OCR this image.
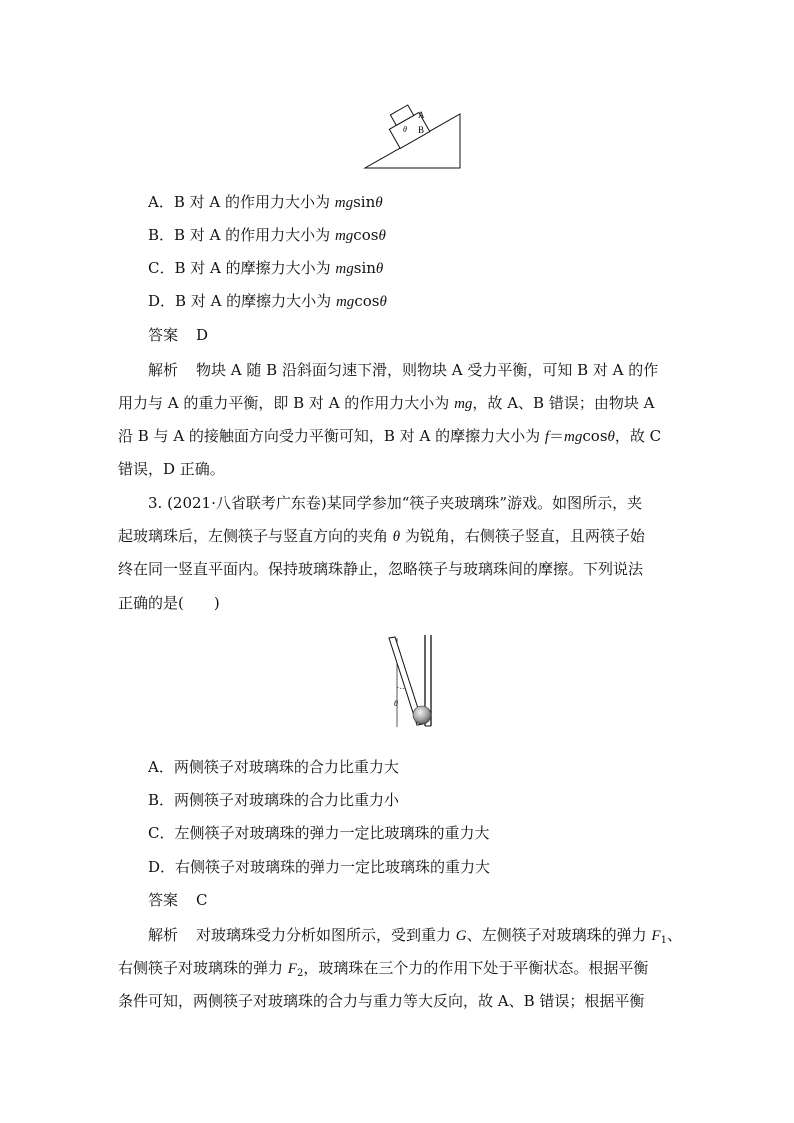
A
B
θ
A．B 对 A 的作用力大小为 mgsinθ
B．B 对 A 的作用力大小为 mgcosθ
C．B 对 A 的摩擦力大小为 mgsinθ
D．B 对 A 的摩擦力大小为 mgcosθ
答案 D
解析 物块 A 随 B 沿斜面匀速下滑，则物块 A 受力平衡，可知 B 对 A 的作
用力与 A 的重力平衡，即 B 对 A 的作用力大小为 mg，故 A、B 错误；由物块 A
沿 B 与 A 的接触面方向受力平衡可知，B 对 A 的摩擦力大小为 f＝mgcosθ，故 C
错误，D 正确。
3. (2021·八省联考广东卷)某同学参加“筷子夹玻璃珠”游戏。如图所示，夹
起玻璃珠后，左侧筷子与竖直方向的夹角 θ 为锐角，右侧筷子竖直，且两筷子始
终在同一竖直平面内。保持玻璃珠静止，忽略筷子与玻璃珠间的摩擦。下列说法
正确的是(　　)
θ
A．两侧筷子对玻璃珠的合力比重力大
B．两侧筷子对玻璃珠的合力比重力小
C．左侧筷子对玻璃珠的弹力一定比玻璃珠的重力大
D．右侧筷子对玻璃珠的弹力一定比玻璃珠的重力大
答案 C
解析 对玻璃珠受力分析如图所示，受到重力 G、左侧筷子对玻璃珠的弹力 $F_1$、
右侧筷子对玻璃珠的弹力 $F_2$，玻璃珠在三个力的作用下处于平衡状态。根据平衡
条件可知，两侧筷子对玻璃珠的合力与重力等大反向，故 A、B 错误；根据平衡
